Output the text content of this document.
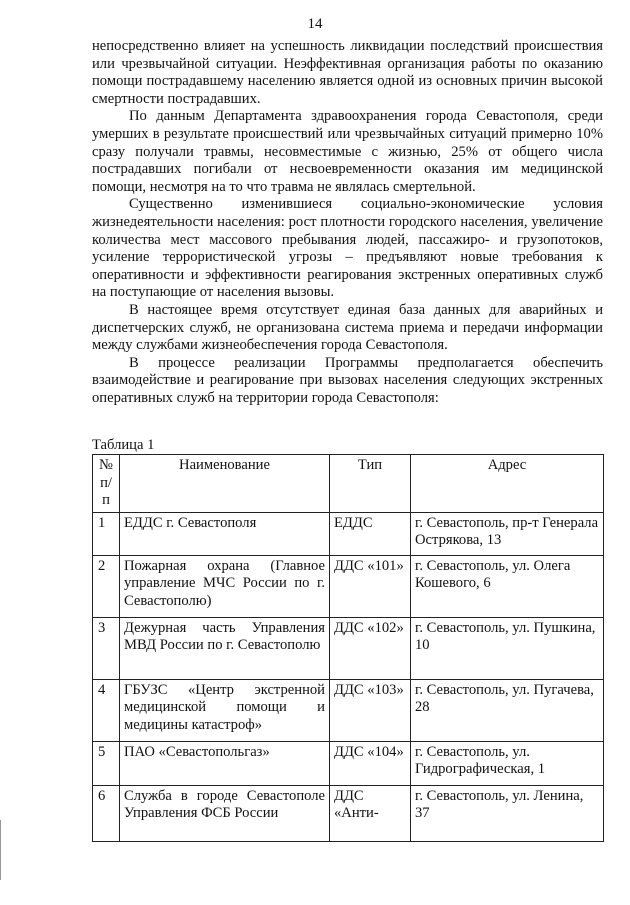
14

непосредственно влияет на успешность ликвидации последствий происшествия или чрезвычайной ситуации. Неэффективная организация работы по оказанию помощи пострадавшему населению является одной из основных причин высокой смертности пострадавших.

По данным Департамента здравоохранения города Севастополя, среди умерших в результате происшествий или чрезвычайных ситуаций примерно 10% сразу получали травмы, несовместимые с жизнью, 25% от общего числа пострадавших погибали от несвоевременности оказания им медицинской помощи, несмотря на то что травма не являлась смертельной.

Существенно изменившиеся социально-экономические условия жизнедеятельности населения: рост плотности городского населения, увеличение количества мест массового пребывания людей, пассажиро- и грузопотоков, усиление террористической угрозы – предъявляют новые требования к оперативности и эффективности реагирования экстренных оперативных служб на поступающие от населения вызовы.

В настоящее время отсутствует единая база данных для аварийных и диспетчерских служб, не организована система приема и передачи информации между службами жизнеобеспечения города Севастополя.

В процессе реализации Программы предполагается обеспечить взаимодействие и реагирование при вызовах населения следующих экстренных оперативных служб на территории города Севастополя:

Таблица 1
№ п/п	Наименование	Тип	Адрес
1	ЕДДС г. Севастополя	ЕДДС	г. Севастополь, пр-т Генерала Острякова, 13
2	Пожарная охрана (Главное управление МЧС России по г. Севастополю)	ДДС «101»	г. Севастополь, ул. Олега Кошевого, 6
3	Дежурная часть Управления МВД России по г. Севастополю	ДДС «102»	г. Севастополь, ул. Пушкина, 10
4	ГБУЗС «Центр экстренной медицинской помощи и медицины катастроф»	ДДС «103»	г. Севастополь, ул. Пугачева, 28
5	ПАО «Севастопольгаз»	ДДС «104»	г. Севастополь, ул. Гидрографическая, 1
6	Служба в городе Севастополе Управления ФСБ России	ДДС «Анти-	г. Севастополь, ул. Ленина, 37
